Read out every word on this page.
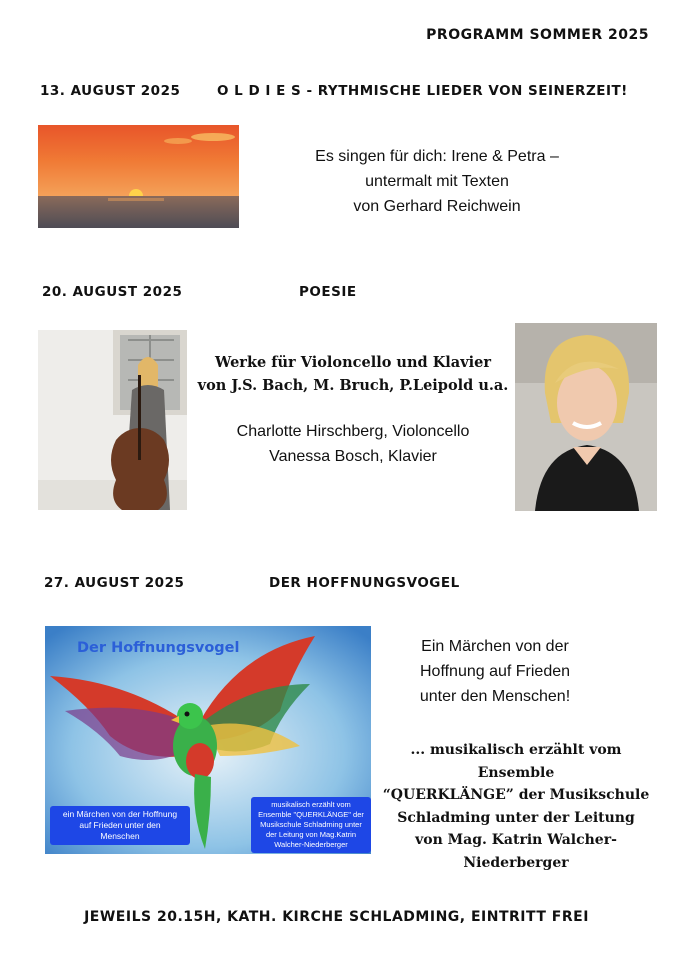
PROGRAMM SOMMER 2025
13. AUGUST 2025	O L D I E S - RYTHMISCHE LIEDER VON SEINERZEIT!
Es singen für dich: Irene & Petra –
untermalt mit Texten
von Gerhard Reichwein
20. AUGUST 2025	POESIE
Werke für Violoncello und Klavier
von J.S. Bach, M. Bruch, P.Leipold u.a.
Charlotte Hirschberg, Violoncello
Vanessa Bosch, Klavier
27. AUGUST 2025	DER HOFFNUNGSVOGEL
Der Hoffnungsvogel
ein Märchen von der Hoffnung
auf Frieden unter den
Menschen
musikalisch erzählt vom
Ensemble "QUERKLÄNGE" der
Musikschule Schladming unter
der Leitung von Mag.Katrin
Walcher-Niederberger
Ein Märchen von der
Hoffnung auf Frieden
unter den Menschen!
... musikalisch erzählt vom Ensemble
“QUERKLÄNGE” der Musikschule
Schladming unter der Leitung
von Mag. Katrin Walcher-Niederberger
JEWEILS 20.15H, KATH. KIRCHE SCHLADMING, EINTRITT FREI
